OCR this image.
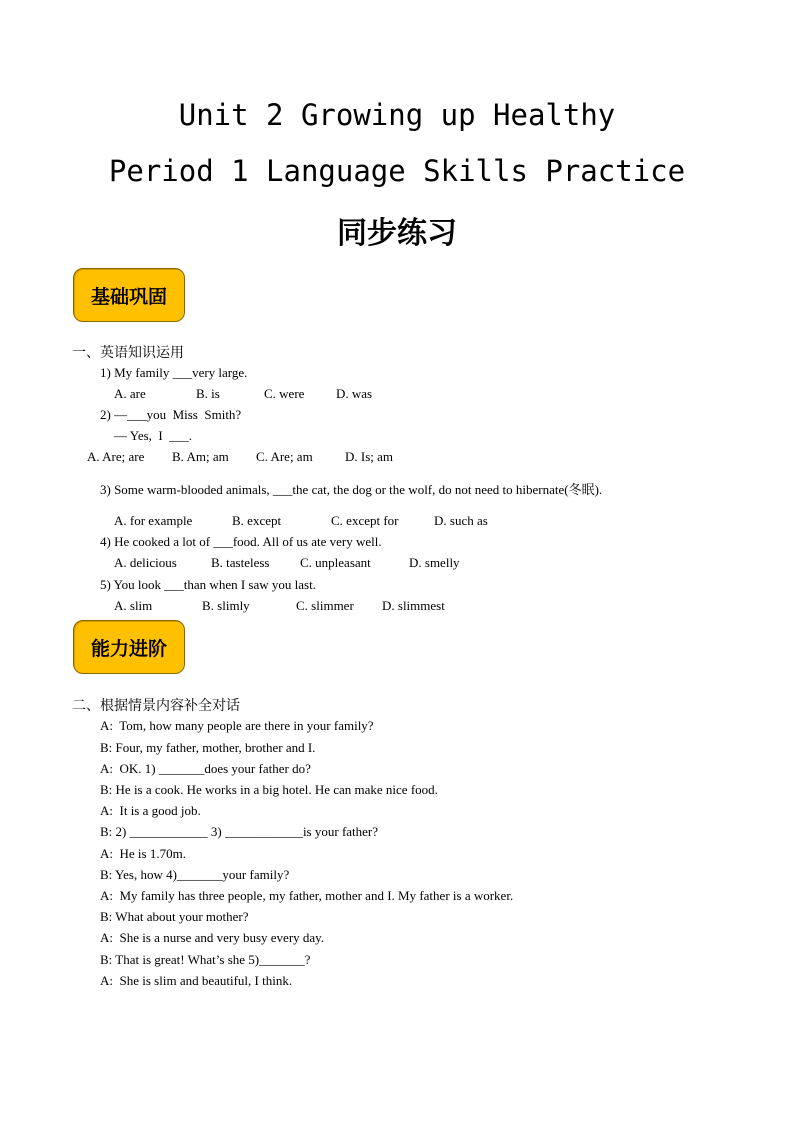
Unit 2 Growing up Healthy
Period 1 Language Skills Practice
同步练习
基础巩固
一、英语知识运用
1) My family ___very large.
A. are	B. is	C. were D. was
2) —___you  Miss  Smith?
— Yes,  I  ___.
A. Are; are B. Am; am C. Are; am D. Is; am
3) Some warm-blooded animals, ___the cat, the dog or the wolf, do not need to hibernate(冬眠).
A. for example	B. except	C. except for	D. such as
4) He cooked a lot of ___food. All of us ate very well.
A. delicious	B. tasteless C. unpleasant	D. smelly
5) You look ___than when I saw you last.
A. slim	B. slimly	C. slimmer D. slimmest
能力进阶
二、根据情景内容补全对话
A:  Tom, how many people are there in your family?
B: Four, my father, mother, brother and I.
A:  OK. 1) _______does your father do?
B: He is a cook. He works in a big hotel. He can make nice food.
A:  It is a good job.
B: 2) ____________ 3) ____________is your father?
A:  He is 1.70m.
B: Yes, how 4)_______your family?
A:  My family has three people, my father, mother and I. My father is a worker.
B: What about your mother?
A:  She is a nurse and very busy every day.
B: That is great! What’s she 5)_______?
A:  She is slim and beautiful, I think.
